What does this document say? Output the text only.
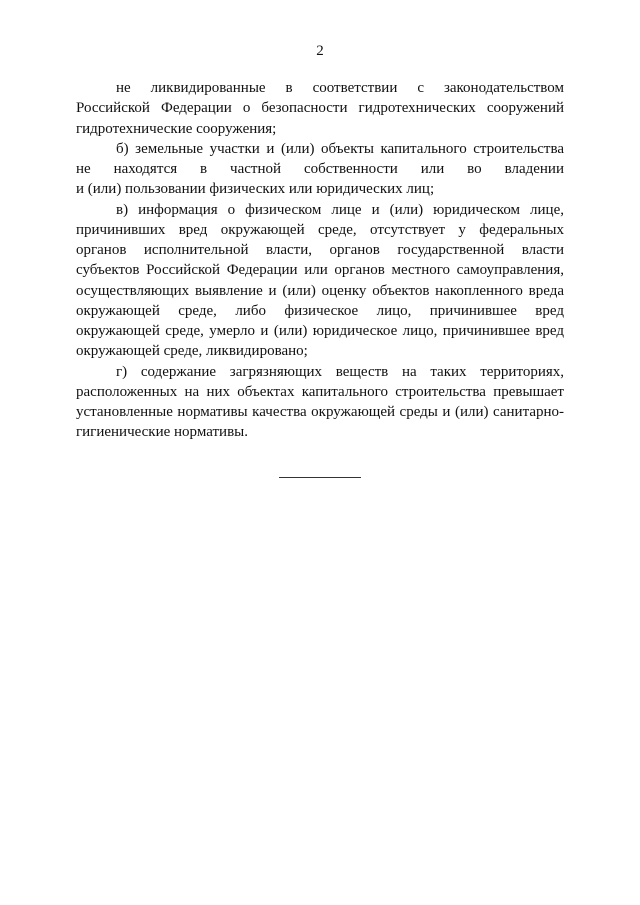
2
не ликвидированные в соответствии с законодательством
Российской Федерации о безопасности гидротехнических сооружений
гидротехнические сооружения;
б) земельные участки и (или) объекты капитального строительства
не находятся в частной собственности или во владении
и (или) пользовании физических или юридических лиц;
в) информация о физическом лице и (или) юридическом лице,
причинивших вред окружающей среде, отсутствует у федеральных
органов исполнительной власти, органов государственной власти
субъектов Российской Федерации или органов местного самоуправления,
осуществляющих выявление и (или) оценку объектов накопленного вреда
окружающей среде, либо физическое лицо, причинившее вред
окружающей среде, умерло и (или) юридическое лицо, причинившее вред
окружающей среде, ликвидировано;
г) содержание загрязняющих веществ на таких территориях,
расположенных на них объектах капитального строительства превышает
установленные нормативы качества окружающей среды и (или) санитарно-
гигиенические нормативы.
